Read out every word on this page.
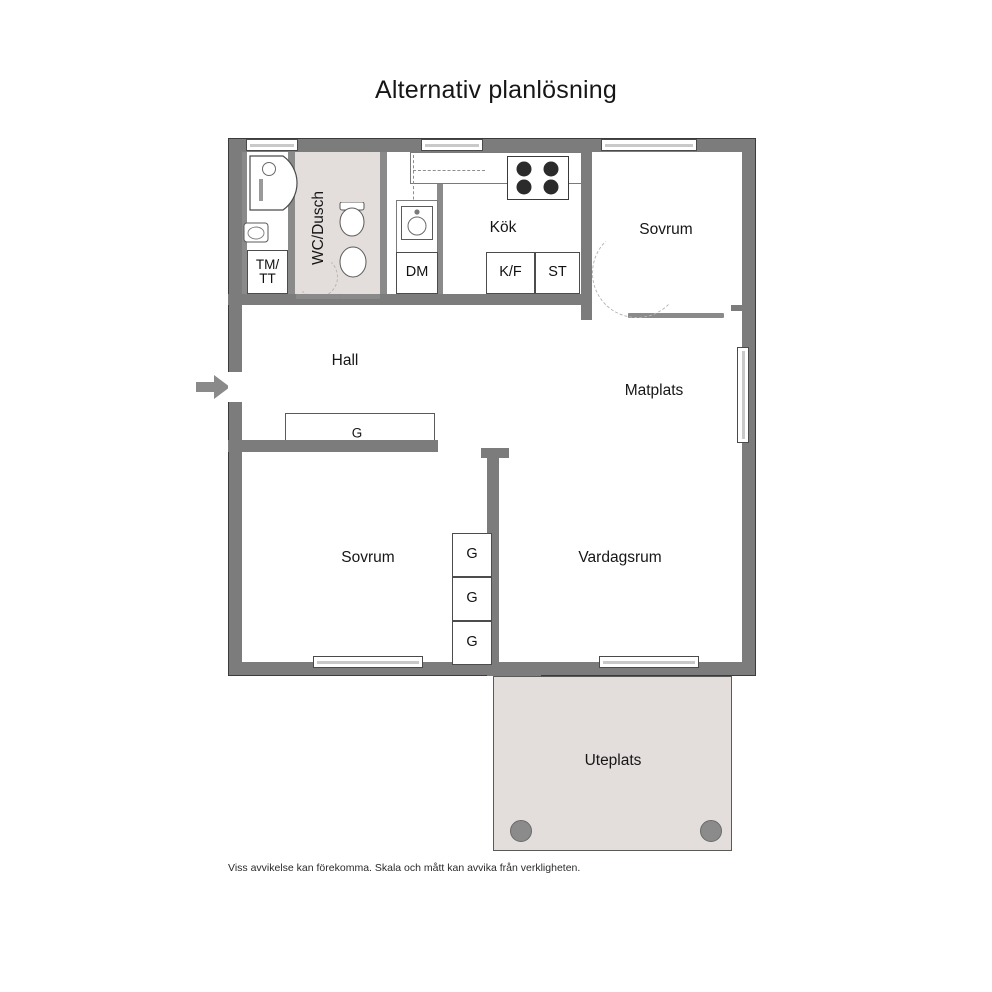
Alternativ planlösning
TM/
TT
WC/Dusch
DM
Kök
K/F	ST
Sovrum
Hall
G
Matplats
G
G
G
Sovrum	Vardagsrum
Uteplats
Viss avvikelse kan förekomma. Skala och mått kan avvika från verkligheten.
